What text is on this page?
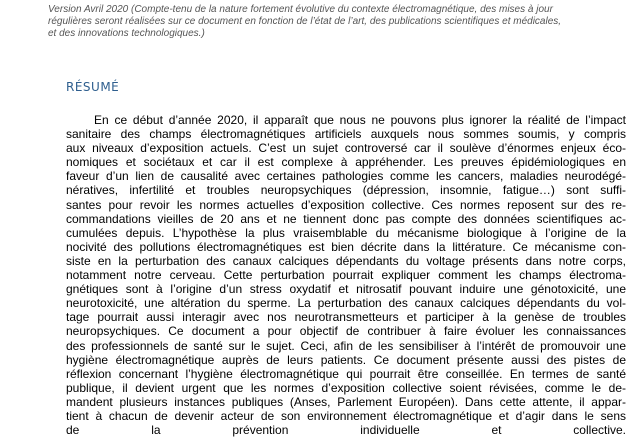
Version Avril 2020 (Compte-tenu de la nature fortement évolutive du contexte électromagnétique, des mises à jour
régulières seront réalisées sur ce document en fonction de l’état de l’art, des publications scientifiques et médicales,
et des innovations technologiques.)
RÉSUMÉ
En ce début d’année 2020, il apparaît que nous ne pouvons plus ignorer la réalité de l’impact
sanitaire des champs électromagnétiques artificiels auxquels nous sommes soumis, y compris
aux niveaux d’exposition actuels. C’est un sujet controversé car il soulève d’énormes enjeux éco-
nomiques et sociétaux et car il est complexe à appréhender. Les preuves épidémiologiques en
faveur d’un lien de causalité avec certaines pathologies comme les cancers, maladies neurodégé-
nératives, infertilité et troubles neuropsychiques (dépression, insomnie, fatigue…) sont suffi-
santes pour revoir les normes actuelles d’exposition collective. Ces normes reposent sur des re-
commandations vieilles de 20 ans et ne tiennent donc pas compte des données scientifiques ac-
cumulées depuis. L’hypothèse la plus vraisemblable du mécanisme biologique à l’origine de la
nocivité des pollutions électromagnétiques est bien décrite dans la littérature. Ce mécanisme con-
siste en la perturbation des canaux calciques dépendants du voltage présents dans notre corps,
notamment notre cerveau. Cette perturbation pourrait expliquer comment les champs électroma-
gnétiques sont à l’origine d’un stress oxydatif et nitrosatif pouvant induire une génotoxicité, une
neurotoxicité, une altération du sperme. La perturbation des canaux calciques dépendants du vol-
tage pourrait aussi interagir avec nos neurotransmetteurs et participer à la genèse de troubles
neuropsychiques. Ce document a pour objectif de contribuer à faire évoluer les connaissances
des professionnels de santé sur le sujet. Ceci, afin de les sensibiliser à l’intérêt de promouvoir une
hygiène électromagnétique auprès de leurs patients. Ce document présente aussi des pistes de
réflexion concernant l’hygiène électromagnétique qui pourrait être conseillée. En termes de santé
publique, il devient urgent que les normes d’exposition collective soient révisées, comme le de-
mandent plusieurs instances publiques (Anses, Parlement Européen). Dans cette attente, il appar-
tient à chacun de devenir acteur de son environnement électromagnétique et d’agir dans le sens
de la prévention individuelle et collective.
